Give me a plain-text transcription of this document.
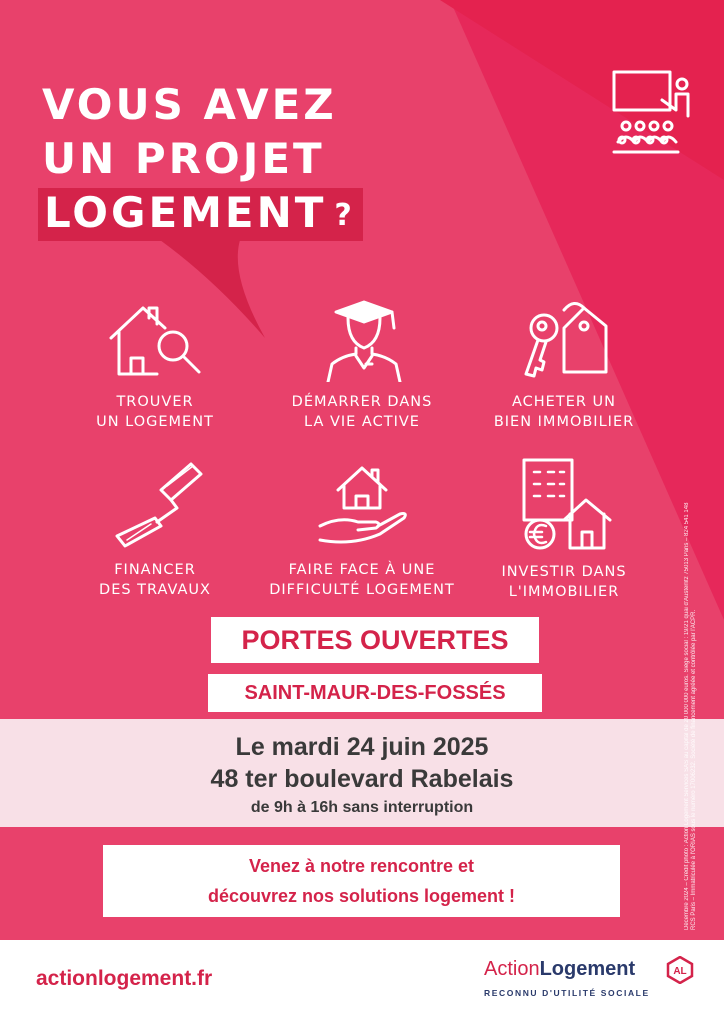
VOUS AVEZ
UN PROJET
LOGEMENT ?
TROUVER
UN LOGEMENT
DÉMARRER DANS
LA VIE ACTIVE
ACHETER UN
BIEN IMMOBILIER
FINANCER
DES TRAVAUX
FAIRE FACE À UNE
DIFFICULTÉ LOGEMENT
INVESTIR DANS
L'IMMOBILIER
PORTES OUVERTES
SAINT-MAUR-DES-FOSSÉS
Le mardi 24 juin 2025
48 ter boulevard Rabelais
de 9h à 16h sans interruption
Venez à notre rencontre et
découvrez nos solutions logement !	Décembre 2024 – Crédit photo : Action Logement Services SAS au capital de 20 000 000 euros. Siège social : 19/21 quai d'Austerlitz 75013 Paris – 824 541 148 RCS Paris – Immatriculée à l'ORIAS sous le numéro 17006232. Société de financement agréée et contrôlée par l'ACPR.

actionlogement.fr	ActionLogement
RECONNU D'UTILITÉ SOCIALE
AL
